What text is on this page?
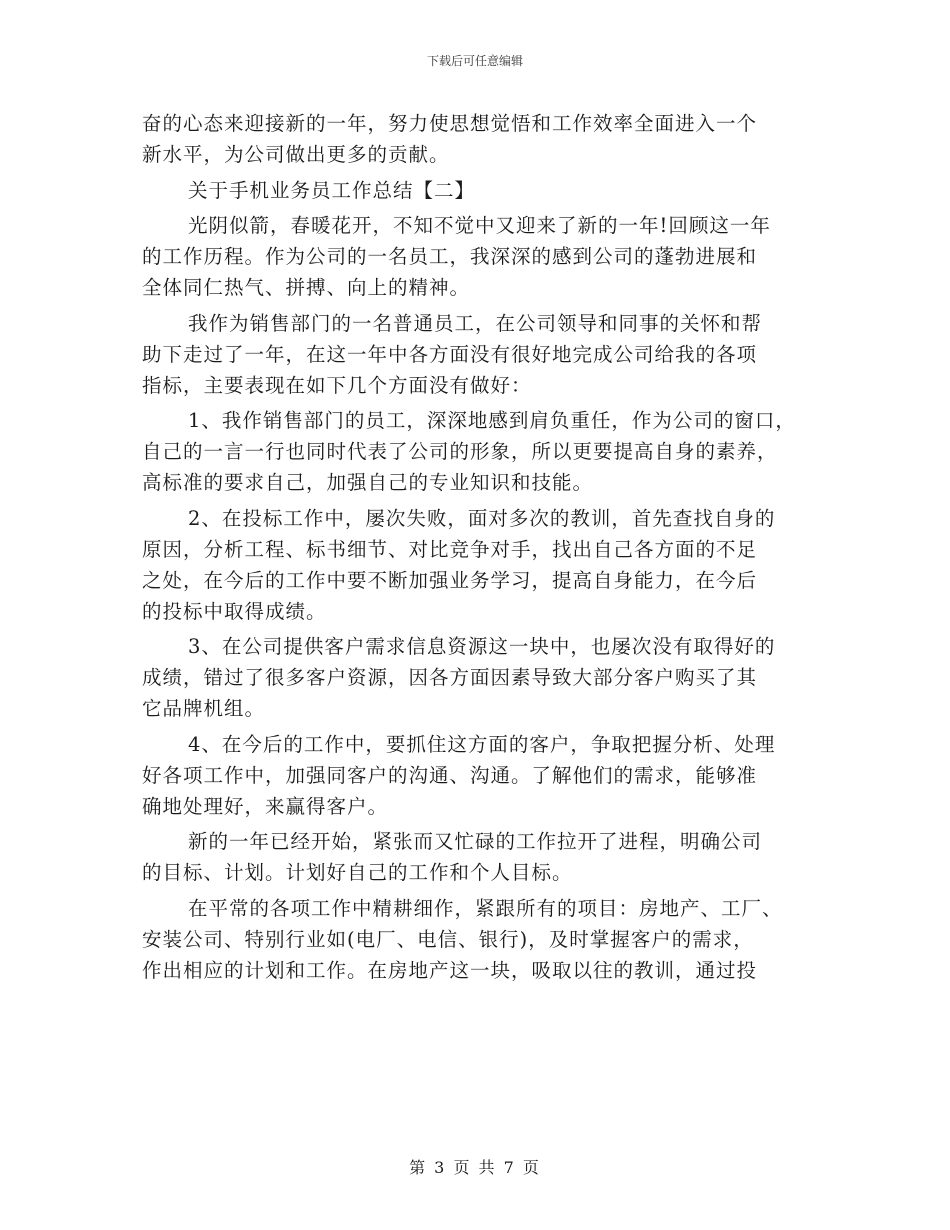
下载后可任意编辑
奋的心态来迎接新的一年，努力使思想觉悟和工作效率全面进入一个
新水平，为公司做出更多的贡献。
关于手机业务员工作总结【二】
光阴似箭，春暖花开，不知不觉中又迎来了新的一年!回顾这一年
的工作历程。作为公司的一名员工，我深深的感到公司的蓬勃进展和
全体同仁热气、拼搏、向上的精神。
我作为销售部门的一名普通员工，在公司领导和同事的关怀和帮
助下走过了一年，在这一年中各方面没有很好地完成公司给我的各项
指标，主要表现在如下几个方面没有做好：
1、我作销售部门的员工，深深地感到肩负重任，作为公司的窗口，
自己的一言一行也同时代表了公司的形象，所以更要提高自身的素养，
高标准的要求自己，加强自己的专业知识和技能。
2、在投标工作中，屡次失败，面对多次的教训，首先查找自身的
原因，分析工程、标书细节、对比竞争对手，找出自己各方面的不足
之处，在今后的工作中要不断加强业务学习，提高自身能力，在今后
的投标中取得成绩。
3、在公司提供客户需求信息资源这一块中，也屡次没有取得好的
成绩，错过了很多客户资源，因各方面因素导致大部分客户购买了其
它品牌机组。
4、在今后的工作中，要抓住这方面的客户，争取把握分析、处理
好各项工作中，加强同客户的沟通、沟通。了解他们的需求，能够准
确地处理好，来赢得客户。
新的一年已经开始，紧张而又忙碌的工作拉开了进程，明确公司
的目标、计划。计划好自己的工作和个人目标。
在平常的各项工作中精耕细作，紧跟所有的项目：房地产、工厂、
安装公司、特别行业如(电厂、电信、银行)，及时掌握客户的需求，
作出相应的计划和工作。在房地产这一块，吸取以往的教训，通过投
第 3 页 共 7 页
